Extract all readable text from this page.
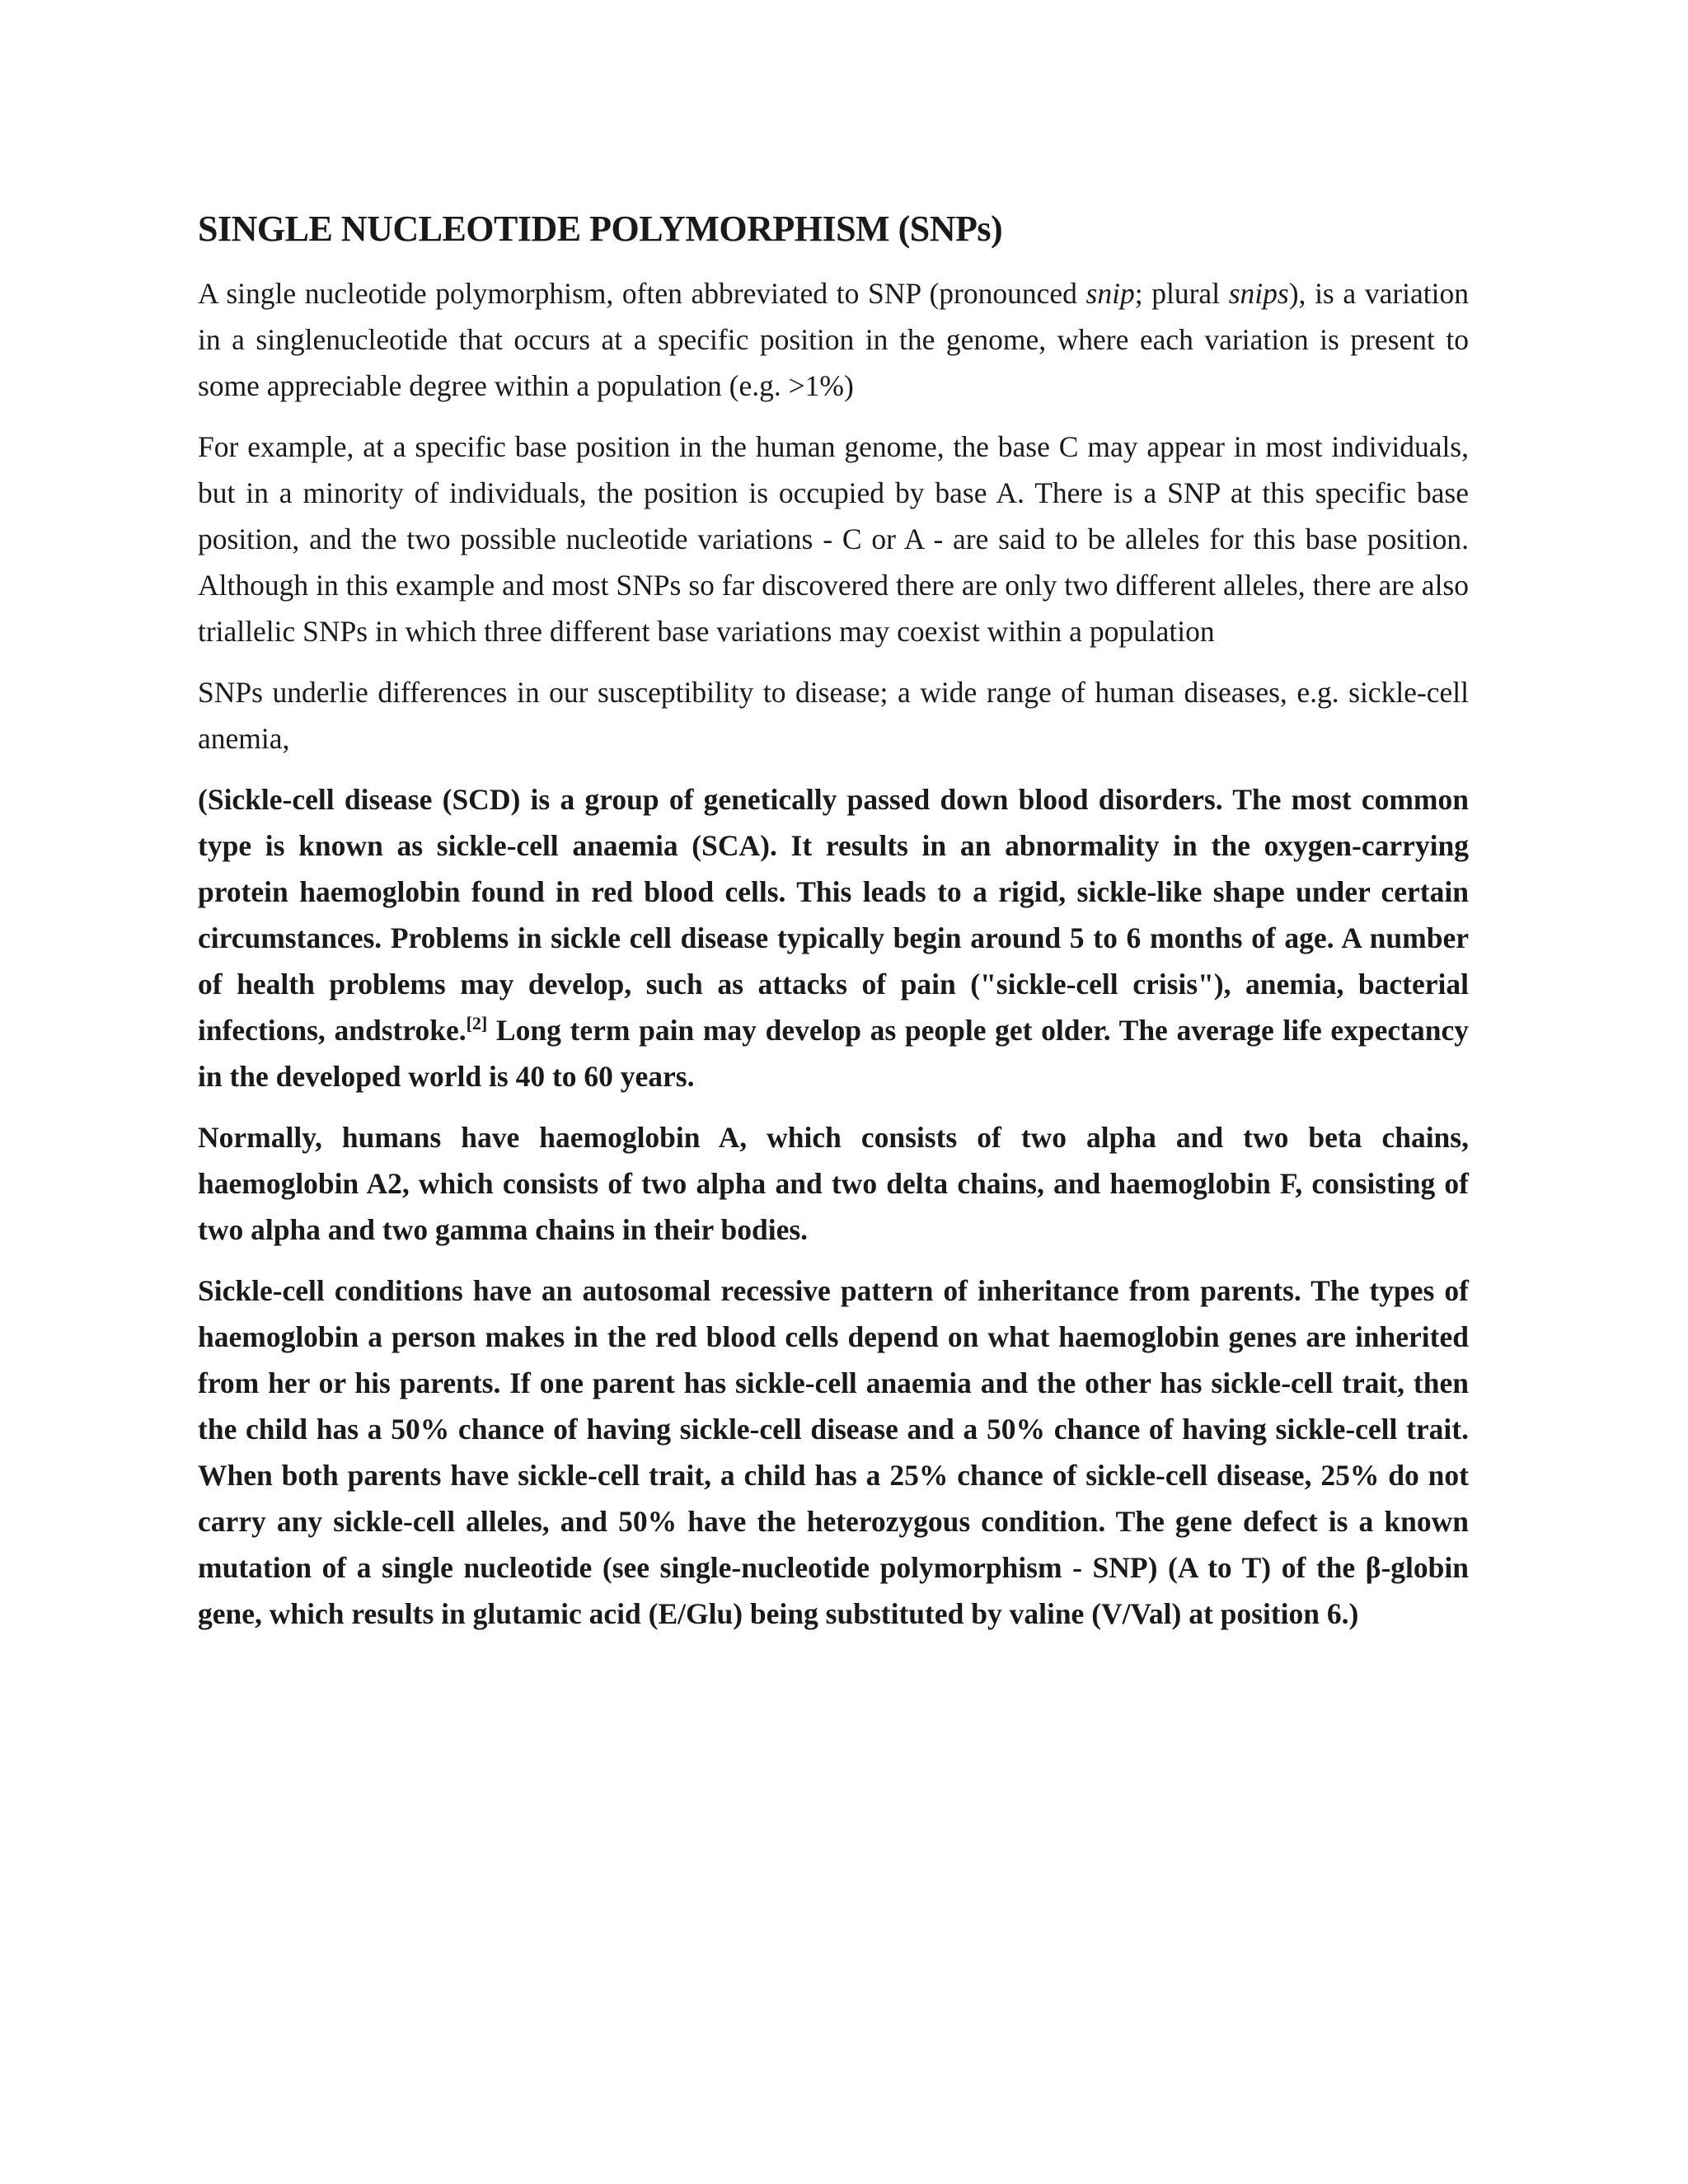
SINGLE NUCLEOTIDE POLYMORPHISM (SNPs)

A single nucleotide polymorphism, often abbreviated to SNP (pronounced snip; plural snips), is a variation in a singlenucleotide that occurs at a specific position in the genome, where each variation is present to some appreciable degree within a population (e.g. >1%)

For example, at a specific base position in the human genome, the base C may appear in most individuals, but in a minority of individuals, the position is occupied by base A. There is a SNP at this specific base position, and the two possible nucleotide variations - C or A - are said to be alleles for this base position. Although in this example and most SNPs so far discovered there are only two different alleles, there are also triallelic SNPs in which three different base variations may coexist within a population

SNPs underlie differences in our susceptibility to disease; a wide range of human diseases, e.g. sickle-cell anemia,

(Sickle-cell disease (SCD) is a group of genetically passed down blood disorders. The most common type is known as sickle-cell anaemia (SCA). It results in an abnormality in the oxygen-carrying protein haemoglobin found in red blood cells. This leads to a rigid, sickle-like shape under certain circumstances. Problems in sickle cell disease typically begin around 5 to 6 months of age. A number of health problems may develop, such as attacks of pain ("sickle-cell crisis"), anemia, bacterial infections, andstroke.[2] Long term pain may develop as people get older. The average life expectancy in the developed world is 40 to 60 years.

Normally, humans have haemoglobin A, which consists of two alpha and two beta chains, haemoglobin A2, which consists of two alpha and two delta chains, and haemoglobin F, consisting of two alpha and two gamma chains in their bodies.

Sickle-cell conditions have an autosomal recessive pattern of inheritance from parents. The types of haemoglobin a person makes in the red blood cells depend on what haemoglobin genes are inherited from her or his parents. If one parent has sickle-cell anaemia and the other has sickle-cell trait, then the child has a 50% chance of having sickle-cell disease and a 50% chance of having sickle-cell trait. When both parents have sickle-cell trait, a child has a 25% chance of sickle-cell disease, 25% do not carry any sickle-cell alleles, and 50% have the heterozygous condition. The gene defect is a known mutation of a single nucleotide (see single-nucleotide polymorphism - SNP) (A to T) of the β-globin gene, which results in glutamic acid (E/Glu) being substituted by valine (V/Val) at position 6.)
